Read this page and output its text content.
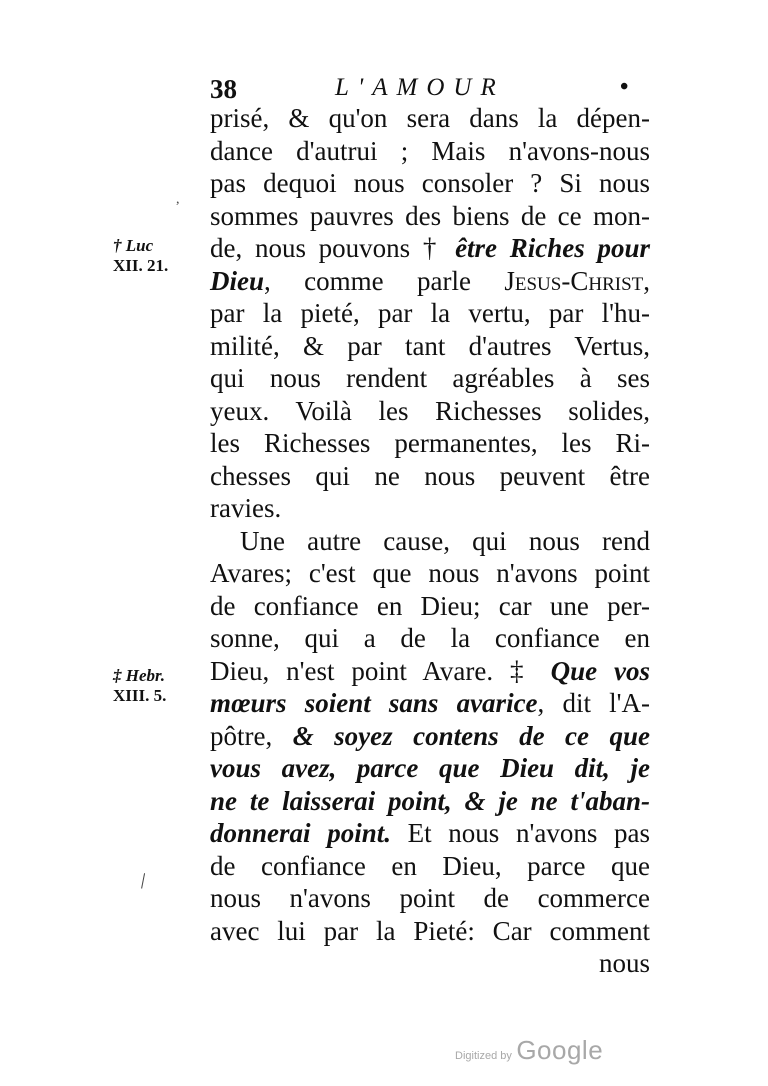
38	L'AMOUR	•
† Luc
XII. 21.
‡ Hebr.
XIII. 5.
prisé, & qu'on sera dans la dépen-
dance d'autrui ; Mais n'avons-nous
pas dequoi nous consoler ? Si nous
sommes pauvres des biens de ce mon-
de, nous pouvons † être Riches pour
Dieu, comme parle Jesus-Christ,
par la pieté, par la vertu, par l'hu-
milité, & par tant d'autres Vertus,
qui nous rendent agréables à ses
yeux. Voilà les Richesses solides,
les Richesses permanentes, les Ri-
chesses qui ne nous peuvent être
ravies.
Une autre cause, qui nous rend
Avares; c'est que nous n'avons point
de confiance en Dieu; car une per-
sonne, qui a de la confiance en
Dieu, n'est point Avare. ‡ Que vos
mœurs soient sans avarice, dit l'A-
pôtre, & soyez contens de ce que
vous avez, parce que Dieu dit, je
ne te laisserai point, & je ne t'aban-
donnerai point. Et nous n'avons pas
de confiance en Dieu, parce que
nous n'avons point de commerce
avec lui par la Pieté: Car comment
nous
,
\
Digitized by Google
